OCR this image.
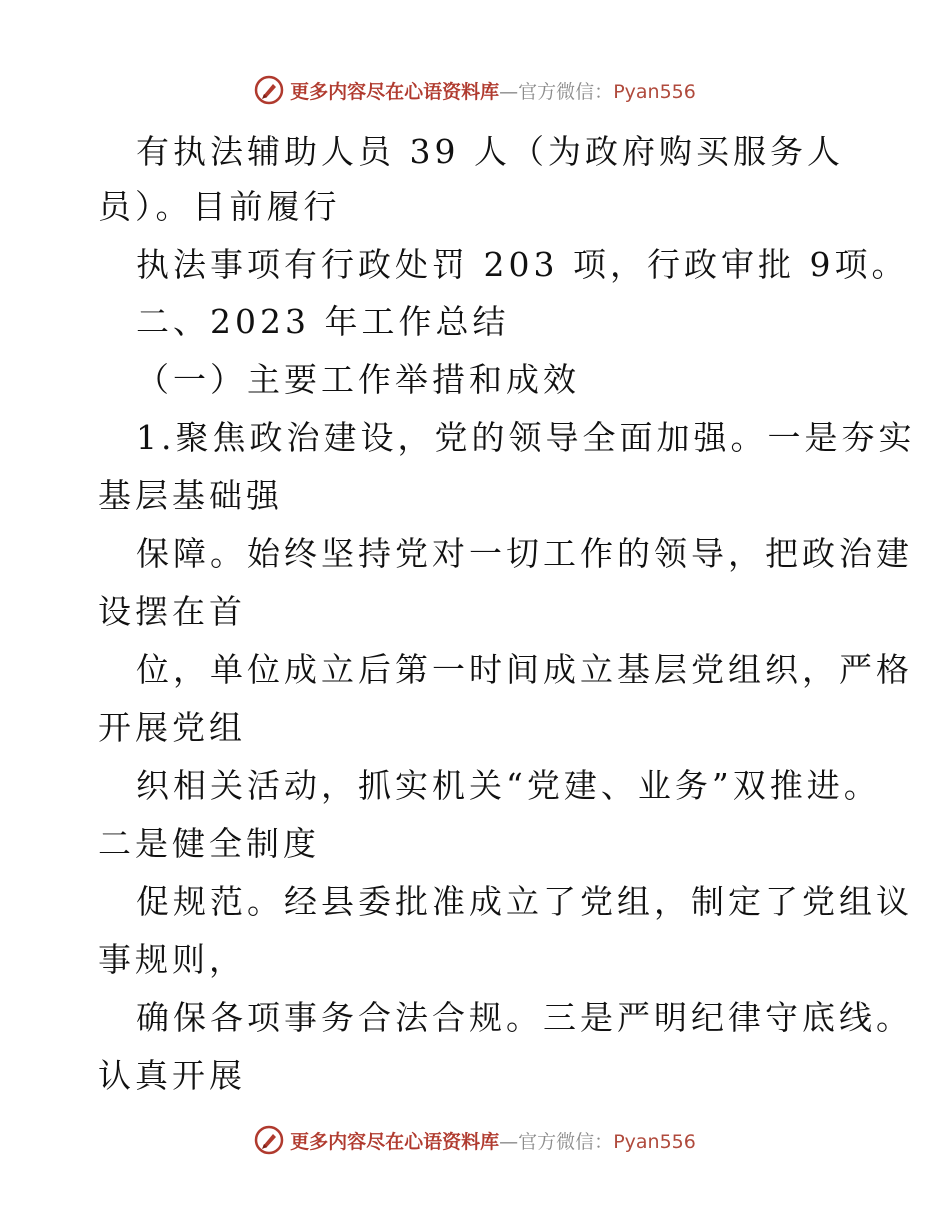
更多内容尽在心语资料库—官方微信：Pyan556
有执法辅助人员 39 人（为政府购买服务人
员）。目前履行
执法事项有行政处罚 203 项，行政审批 9项。
二、2023 年工作总结
（一）主要工作举措和成效
1.聚焦政治建设，党的领导全面加强。一是夯实
基层基础强
保障。始终坚持党对一切工作的领导，把政治建
设摆在首
位，单位成立后第一时间成立基层党组织，严格
开展党组
织相关活动，抓实机关“党建、业务”双推进。
二是健全制度
促规范。经县委批准成立了党组，制定了党组议
事规则，
确保各项事务合法合规。三是严明纪律守底线。
认真开展
更多内容尽在心语资料库—官方微信：Pyan556
